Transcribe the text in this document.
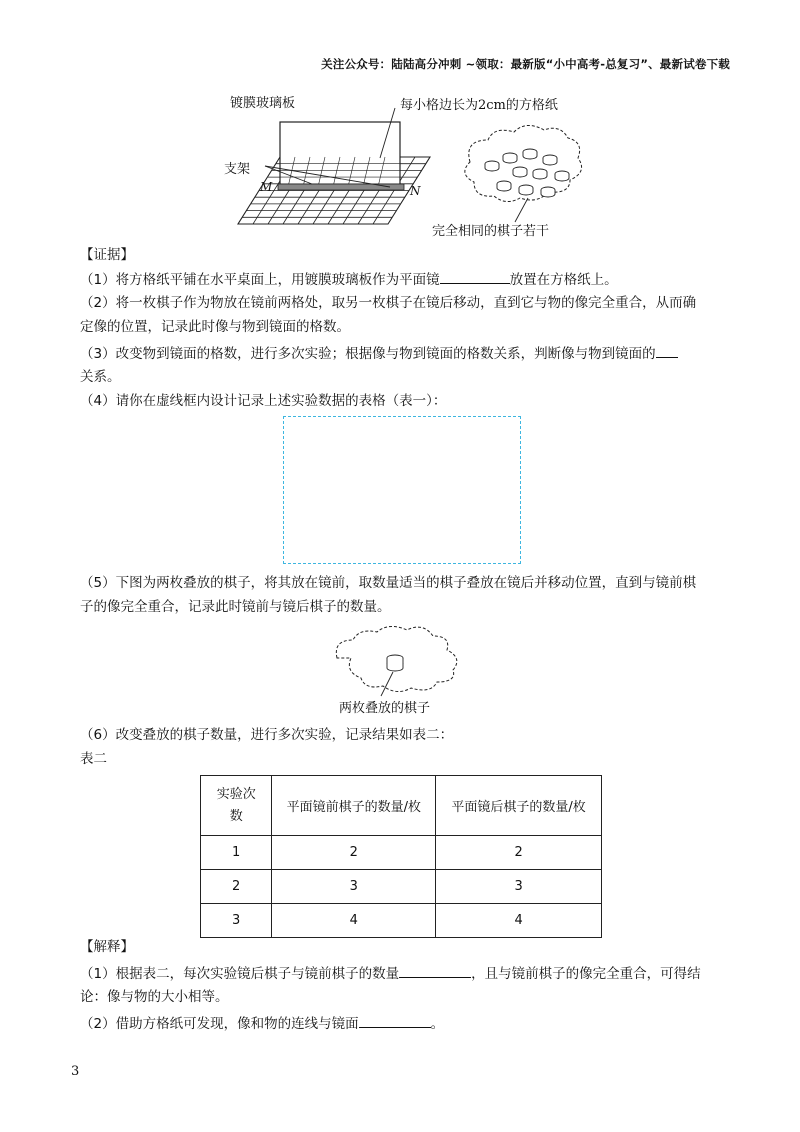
关注公众号：陆陆高分冲刺 ~领取：最新版“小中高考-总复习”、最新试卷下载
镀膜玻璃板	每小格边长为2cm的方格纸
支架
M	N
完全相同的棋子若干
【证据】
（1）将方格纸平铺在水平桌面上，用镀膜玻璃板作为平面镜	放置在方格纸上。
（2）将一枚棋子作为物放在镜前两格处，取另一枚棋子在镜后移动，直到它与物的像完全重合，从而确
定像的位置，记录此时像与物到镜面的格数。
（3）改变物到镜面的格数，进行多次实验；根据像与物到镜面的格数关系，判断像与物到镜面的
关系。
（4）请你在虚线框内设计记录上述实验数据的表格（表一）：
（5）下图为两枚叠放的棋子，将其放在镜前，取数量适当的棋子叠放在镜后并移动位置，直到与镜前棋
子的像完全重合，记录此时镜前与镜后棋子的数量。
两枚叠放的棋子
（6）改变叠放的棋子数量，进行多次实验，记录结果如表二：
表二
实验次
数	平面镜前棋子的数量/枚	平面镜后棋子的数量/枚
1	2	2
2	3	3
3	4	4
【解释】
（1）根据表二，每次实验镜后棋子与镜前棋子的数量	，且与镜前棋子的像完全重合，可得结
论：像与物的大小相等。
（2）借助方格纸可发现，像和物的连线与镜面	。
3
